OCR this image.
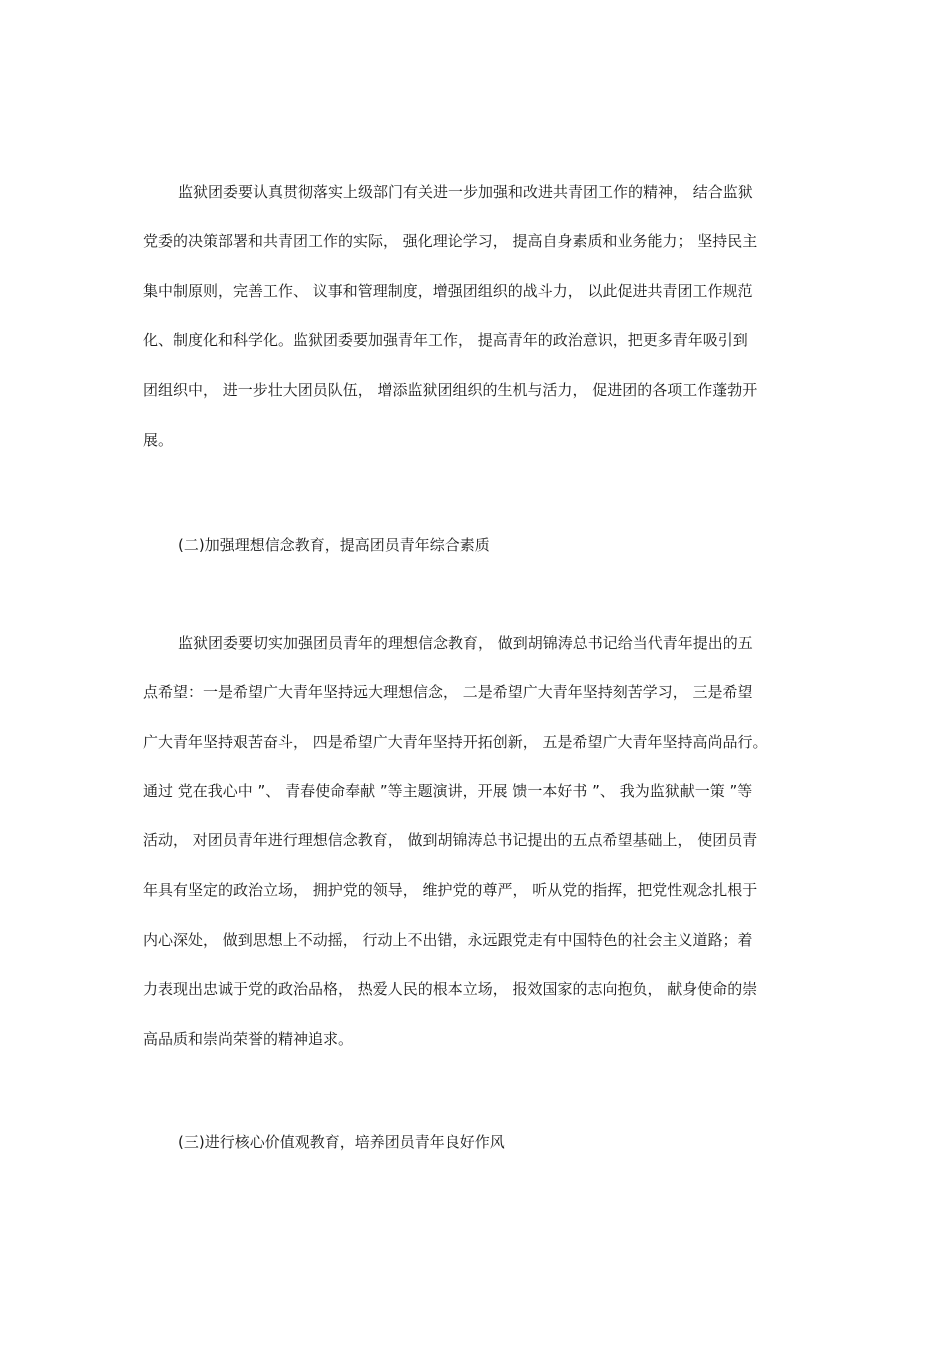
监狱团委要认真贯彻落实上级部门有关进一步加强和改进共青团工作的精神， 结合监狱
党委的决策部署和共青团工作的实际， 强化理论学习， 提高自身素质和业务能力； 坚持民主
集中制原则，完善工作、 议事和管理制度，增强团组织的战斗力， 以此促进共青团工作规范
化、制度化和科学化。监狱团委要加强青年工作， 提高青年的政治意识，把更多青年吸引到
团组织中， 进一步壮大团员队伍， 增添监狱团组织的生机与活力， 促进团的各项工作蓬勃开
展。
(二)加强理想信念教育，提高团员青年综合素质
监狱团委要切实加强团员青年的理想信念教育， 做到胡锦涛总书记给当代青年提出的五
点希望：一是希望广大青年坚持远大理想信念， 二是希望广大青年坚持刻苦学习， 三是希望
广大青年坚持艰苦奋斗， 四是希望广大青年坚持开拓创新， 五是希望广大青年坚持高尚品行。
通过 党在我心中 ”、 青春使命奉献 ”等主题演讲，开展 馈一本好书 ”、 我为监狱献一策 ”等
活动， 对团员青年进行理想信念教育， 做到胡锦涛总书记提出的五点希望基础上， 使团员青
年具有坚定的政治立场， 拥护党的领导， 维护党的尊严， 听从党的指挥，把党性观念扎根于
内心深处， 做到思想上不动摇， 行动上不出错，永远跟党走有中国特色的社会主义道路；着
力表现出忠诚于党的政治品格， 热爱人民的根本立场， 报效国家的志向抱负， 献身使命的崇
高品质和崇尚荣誉的精神追求。
(三)进行核心价值观教育，培养团员青年良好作风
